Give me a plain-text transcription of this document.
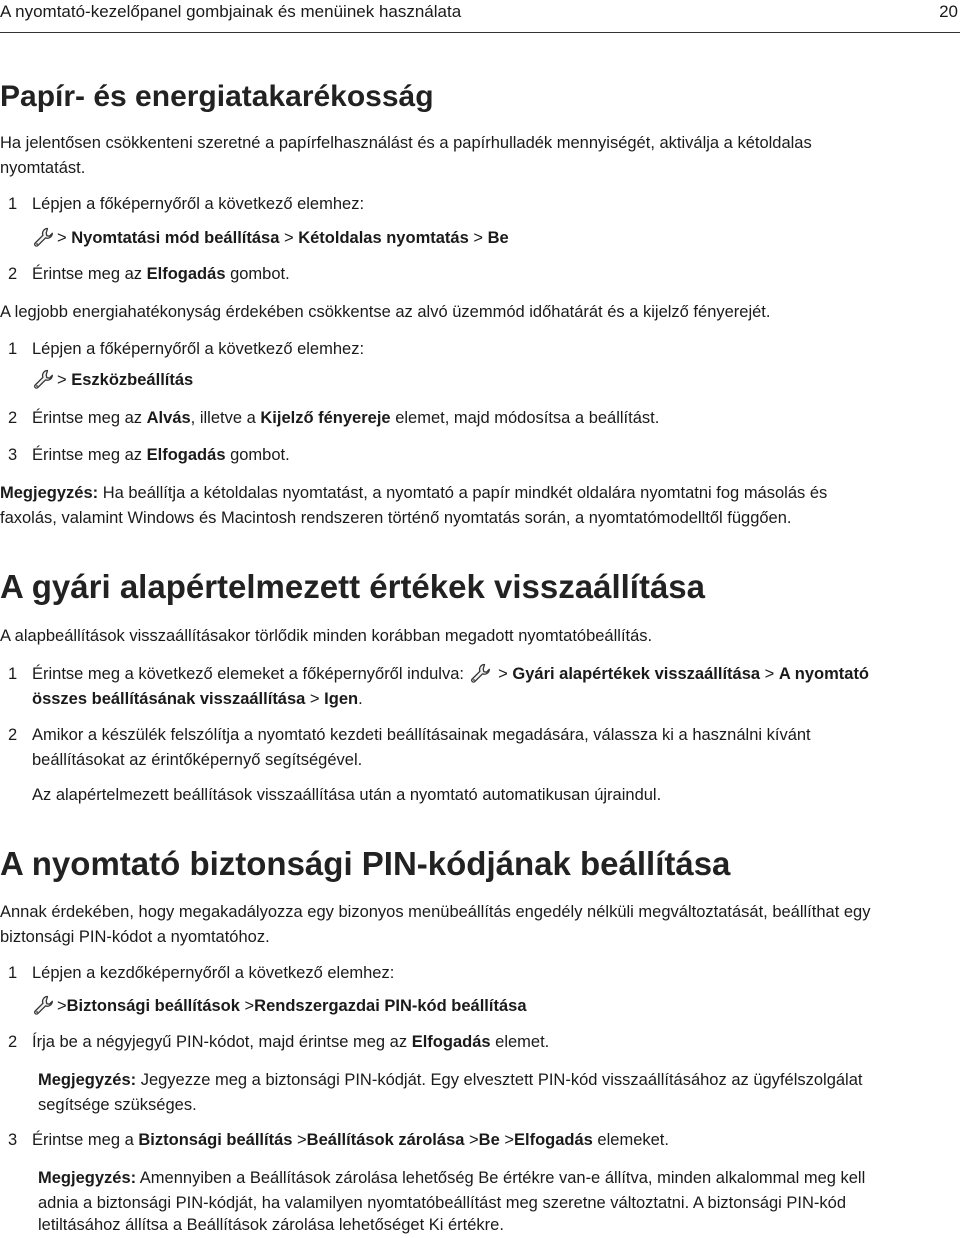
A nyomtató-kezelőpanel gombjainak és menüinek használata	20
Papír- és energiatakarékosság
Ha jelentősen csökkenteni szeretné a papírfelhasználást és a papírhulladék mennyiségét, aktiválja a kétoldalas
nyomtatást.
1 Lépjen a főképernyőről a következő elemhez:
> Nyomtatási mód beállítása > Kétoldalas nyomtatás > Be
2 Érintse meg az Elfogadás gombot.
A legjobb energiahatékonyság érdekében csökkentse az alvó üzemmód időhatárát és a kijelző fényerejét.
1 Lépjen a főképernyőről a következő elemhez:
> Eszközbeállítás
2 Érintse meg az Alvás, illetve a Kijelző fényereje elemet, majd módosítsa a beállítást.
3 Érintse meg az Elfogadás gombot.
Megjegyzés: Ha beállítja a kétoldalas nyomtatást, a nyomtató a papír mindkét oldalára nyomtatni fog másolás és
faxolás, valamint Windows és Macintosh rendszeren történő nyomtatás során, a nyomtatómodelltől függően.
A gyári alapértelmezett értékek visszaállítása
A alapbeállítások visszaállításakor törlődik minden korábban megadott nyomtatóbeállítás.
1 Érintse meg a következő elemeket a főképernyőről indulva:  > Gyári alapértékek visszaállítása > A nyomtató
összes beállításának visszaállítása > Igen.
2 Amikor a készülék felszólítja a nyomtató kezdeti beállításainak megadására, válassza ki a használni kívánt
beállításokat az érintőképernyő segítségével.
Az alapértelmezett beállítások visszaállítása után a nyomtató automatikusan újraindul.
A nyomtató biztonsági PIN-kódjának beállítása
Annak érdekében, hogy megakadályozza egy bizonyos menübeállítás engedély nélküli megváltoztatását, beállíthat egy
biztonsági PIN-kódot a nyomtatóhoz.
1 Lépjen a kezdőképernyőről a következő elemhez:
>Biztonsági beállítások >Rendszergazdai PIN-kód beállítása
2 Írja be a négyjegyű PIN-kódot, majd érintse meg az Elfogadás elemet.
Megjegyzés: Jegyezze meg a biztonsági PIN-kódját. Egy elvesztett PIN-kód visszaállításához az ügyfélszolgálat
segítsége szükséges.
3 Érintse meg a Biztonsági beállítás >Beállítások zárolása >Be >Elfogadás elemeket.
Megjegyzés: Amennyiben a Beállítások zárolása lehetőség Be értékre van-e állítva, minden alkalommal meg kell
adnia a biztonsági PIN-kódját, ha valamilyen nyomtatóbeállítást meg szeretne változtatni. A biztonsági PIN-kód
letiltásához állítsa a Beállítások zárolása lehetőséget Ki értékre.
